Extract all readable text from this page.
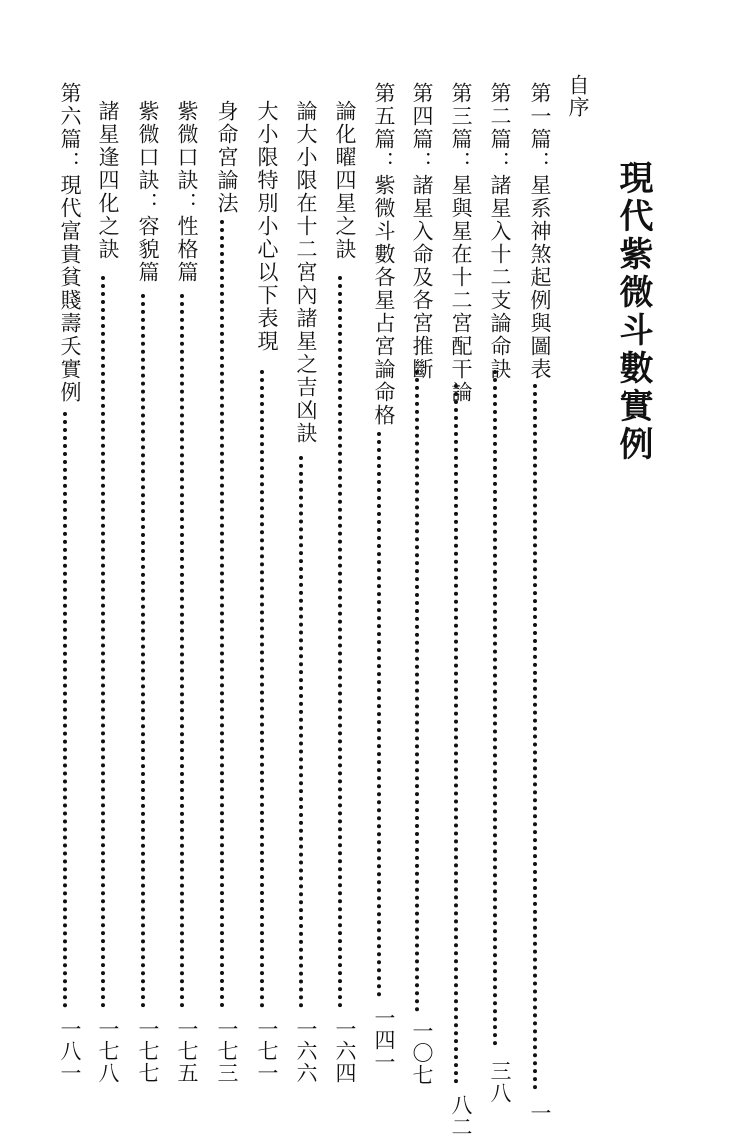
現代紫微斗數實例
自序
第一篇：星系神煞起例與圖表
一
第二篇：諸星入十二支論命訣
三八
第三篇：星與星在十二宮配干論
八二
第四篇：諸星入命及各宮推斷
一〇七
第五篇：紫微斗數各星占宮論命格
一四一
論化曜四星之訣
一六四
論大小限在十二宮內諸星之吉凶訣
一六六
大小限特別小心以下表現
一七一
身命宮論法
一七三
紫微口訣：性格篇
一七五
紫微口訣：容貌篇
一七七
諸星逢四化之訣
一七八
第六篇：現代富貴貧賤壽夭實例
一八一
